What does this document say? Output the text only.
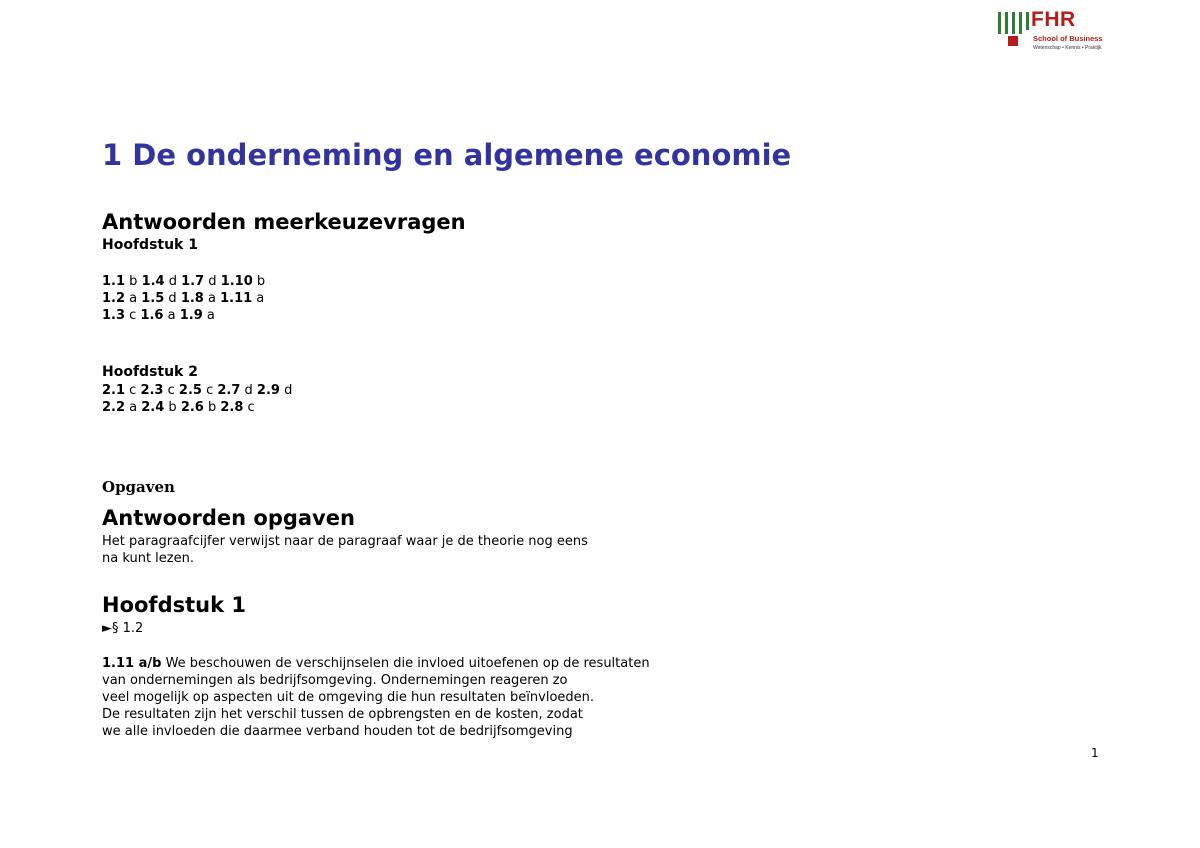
FHR
School of Business
Wetenschap • Kennis • Praktijk
1 De onderneming en algemene economie
Antwoorden meerkeuzevragen
Hoofdstuk 1
1.1 b 1.4 d 1.7 d 1.10 b
1.2 a 1.5 d 1.8 a 1.11 a
1.3 c 1.6 a 1.9 a
Hoofdstuk 2
2.1 c 2.3 c 2.5 c 2.7 d 2.9 d
2.2 a 2.4 b 2.6 b 2.8 c
Opgaven
Antwoorden opgaven
Het paragraafcijfer verwijst naar de paragraaf waar je de theorie nog eens
na kunt lezen.
Hoofdstuk 1
►§ 1.2
1.11 a/b We beschouwen de verschijnselen die invloed uitoefenen op de resultaten
van ondernemingen als bedrijfsomgeving. Ondernemingen reageren zo
veel mogelijk op aspecten uit de omgeving die hun resultaten beïnvloeden.
De resultaten zijn het verschil tussen de opbrengsten en de kosten, zodat
we alle invloeden die daarmee verband houden tot de bedrijfsomgeving
1
